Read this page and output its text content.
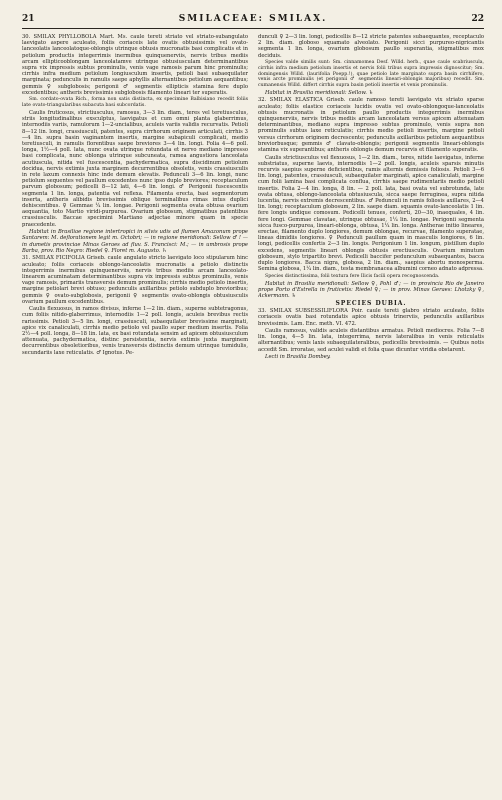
21	SMILACEAE: SMILAX.	22

30. SMILAX PHYLLOBOLA Mart. Ms. caule tereti striato vel striato-subangulato laevigato aspere aculeato, foliis coriaceis late ovatis obtusissimis vel ovato-lanceolatis lanceolatoque-oblongis utrinque obtusis mucronatis basi complicatis et in petiolum productis integerrimis inermibus quinquenerviis, nervis tribus mediis arcam ellipticooblongam lanceolatamve utrinque obtusiusculam determinantibus supra vix impressis subtus prominulis, venis vage ramosis parum hinc prominulis; cirrhis infra medium petiolum longiusculum insertis, petioli basi subaequilater marginata; pedunculis in ramulis saepe aphyllis alternantibus petiolum aequantibus; gemmis ♀ subglobosis; perigonii ♂ segmentis ellipticis stamina fere duplo excedentibus; antheris brevissimis subglobosis filamento lineari ter superatis.

Sm. cordato-ovata Rich., forma non satis distincta, ex specimine Balbisiano recedit foliis late ovato-triangularibus subacuta basi subcordatis.

Caulis fruticosus, strictiusculus, ramosus, 3—3 lin. diam., teres vel teretiusculus, striis longitudinalibus exsculptus, laevigatus et cum omni planta glaberrimus, internodiis variis, ramulorum 1—2-uncialibus, aculeis variis validis recurvatis. Petioli 8—12 lin. longi, crassiusculi, patentes, supra cirrhorum originem articulati, cirrhis 3—4 lin. supra basin vaginantem insertis, margine subapiculi complicati, medio teretiusculi, in ramulis florentibus saepe breviores 3—4 lin. longi. Folia 4—6 poll. longa, 1½—4 poll. lata, nunc ovata utrinque rotundata et nervo mediano impresso basi complicata, nunc oblonga utrinque subcuneata, ramea angustiora lanceolata acutiuscula, nitida vel fuscescentia, pachydermatica, supra discidinum petiolum docidua, nervis extimis juxta marginem decurrentibus obsoletis, venis crassiusculis in rete laxum connexis hinc inde demum elevatis. Pedunculi 3—6 lin. longi, nunc petiolum sequentes vel paullum excedentes nunc ipso duplo breviores; receptaculum parvum globosum; pedicelli 8—12 lati, 4—6 lin. longi. ♂ Perigonii fuscescentis segmenta 1 lin. longa, patentia vel reflexa. Filamenta erecta, basi segmentorum inserta, antheris alibidis brevissimis oblique terminalibus rimas intus duplici dehiscentibus. ♀ Gemmae ¼ lin. longae. Perigonii segmenta ovata obtusa ovarium aequantia, toto Martio viridi-purpurea. Ovarium globosum, stigmatibus patentibus crassiusculis. Baccae specimini Martiano adjectae minore quam in specie praecedente.

Habitat in Brasiliae regione intertropici in silvis udis ad flumen Amazonum prope Santarem: M. deflorationem legit m. Octobri; — in regione meridionali: Sellow ♂ ! — in dumetis provinciae Minas Geraes ad fluv. S. Francisci: M.; — in umbrosis prope Barba, prov. Rio Negro: Riedel ♀. Floret m. Augusto. ♄

31. SMILAX FICIFOLIA Griseb. caule angulato stricto laevigato loco stipularum hinc aculeato; foliis coriaceis oblongo-lanceolatis mucronatis a petiolo distinctis integerrimis inermibus quinquenerviis, nervis tribus mediis arcam lanceolato-linearem acuminatam determinantibus supra vix impressis subtus prominulis, venis vage ramosis, primariis transversis demum prominulis; cirrhis medio petiolo insertis, margine petiolari brevi obtuso; pedunculis axillaribus petiolo subduplo brevioribus; gemmis ♀ ovato-subglobosis, perigonii ♀ segmentis ovato-oblongis obtusiusculis ovarium paullum excedentibus.

Caulis flexuosus, in ramos divisus, inferne 1—2 lin. diam., superne subtetragonus, cum foliis nitido-glaberrimus, internodiis 1—2 poll. longis, aculeis brevibus rectis rarissimis. Petioli 3—5 lin. longi, crassiusculi, subaequilater brevissime marginati, apice vix canaliculati, cirrhis medio petiolo vel paullo super medium insertis. Folia 2½—4 poll. longa, 8—18 lin. lata, ex basi rotundata sensim ad apicem obtusiusculum attenuata, pachydermatica, distinc persistentia, nervis extimis juxta marginem decurrentibus obsoletioribus, venis transversis distinctis demum utrinque tumidulis, secundariis laxe reticulatis. ♂ Ignotus. Pe-

dunculi ♀ 2—3 lin. longi, pedicellis 8—12 stricte patentes subaequantes, receptaculo 2 lin. diam. globoso squamato alveolato. Perigonii sicci purpureo-nigricantis segmenta 1 lin. longa, ovarium globosum paullo superantia, stigmatibus mox deciduis.

Species valde similis sunt: Sm. cinnamomea Desf. Willd. herb., quae caule scabriuscula, cirrhis infra medium petiolum insertis et nervis folii tribus supra impressis dignoscitur; Sm. domingensis Willd. (laurifolia Poepp.!), quae petiolo late marginato supra basin cirrhifero, venis arcte prominulis (et perigonii ♂ segmentis lineari-oblongis majoribus) recedit. Sm. cumanensis Willd. differt cirrhis supra basin petioli insertis et venis prominulis.

Habitat in Brasilia meridionali: Sellow. ♄

32. SMILAX ELASTICA Griseb. caule ramoso tereti laevigato vix striato sparse aculeato; foliis elastice coriaceis lucidis ovatis vel ovato-oblongoque-lanceolatis obtusis mucronatis in petiolum paullo productis integerrimis inermibus quinquenerviis, nervis tribus mediis arcam lanceolatam versus apicem attenuatam determinantibus, mediano supra impresso subtus prominulo, venis supra non prominulis subtus laxe reticulatis; cirrhis medio petioli insertis, margine petioli versus cirrhorum originem decrescente; pedunculis axillaribus petiolum aequantibus breviorbusque; gemmis ♂ clavato-oblongis; perigonii segmentis lineari-oblongis stamina vix superantibus; antheris oblongis demum recurvis et filamento superatis.

Caulis strictiusculus vel flexuosus, 1—2 lin. diam., teres, nitide laevigatus, inferne substriatus, superne laevis, internodiis 1—2 poll. longis, aculeis sparsis minutis recurvis saepius superne deficientibus, ramis alternis demissis foliosis. Petioli 3—6 lin. longi, patentes, crassiusculi, subaequilater marginati, apice canaliculati, margine cum folii lamina basi complicata conflua, cirrhis saepe rudimentariis medio petioli insertis. Folia 2—4 lin. longa, 8 lin. — 2 poll. lata, basi ovata vel subrotunda, late ovata obtusa, oblongo-lanceolata obtusiuscula, sicca saepe ferruginea, supra nitida lucentia, nervis extremis decrescentibus. ♂ Pedunculi in ramis foliosis axillares, 2—4 lin. longi; receptaculum globosum, 2 lin. saepe diam. squamis ovato-lanceolatis 1 lin. fere longis undique comosum. Pedicelli tenues, confertí, 20—30, inaequales, 4 lin. fere longi. Gemmae clavatae, utrinque obtusae, 1¼ lin. longae. Perigonii segmenta sicca fusco-purpurea, lineari-oblonga, obtusa, 1¼ lin. longa. Antherae initio lineares, erectae, filamento duplo longiores, demum oblongae, recurvae, filamento superatae, lineas dimidiis longiores. ♀ Pedunculi paullum quam in masculis longiores, 6 lin. longi, pedicellis confertis 2—3 lin. longis. Perigonium 1 lin. longum, pistillum duplo excedens, segmentis lineari oblongis obtusis erectiusculis. Ovarium minutum globosum, stylo tripartito brevi. Pedicelli baccifer pedunculum subaequantes, bacca duplo longiores. Bacca nigra, globosa, 2 lin. diam., saepius abortu monosperma. Semina globosa, 1¼ lin. diam., testa membranacea albumini corneo adnato adpressa.

Species distinctissima, folii textura fere Ilicis facili opera recognoscenda.

Habitat in Brasilia meridionali: Sellow ♀, Pohl ♂; — in provincia Rio de Janeiro prope Porto d'Estrella in fruticetis: Riedel ♀; — in prov. Minas Geraes: Lhotzky ♀, Ackermann. ♄

SPECIES DUBIA.

33. SMILAX SUBSESSILIFLORA Poir. caule tereti glabro striato aculeato, foliis coriaceis ovatis basi rotundatis apice obtusis trinerviis, pedunculis axillaribus brevissimis. Lam. Enc. meth. VI. 472.

Caulis ramosus, validis aculeis distantibus armatus. Petioli mediocres. Folia 7—8 lin. longa, 4—5 lin. lata, integerrima, nervis lateralibus in venis reticulatis alternantibus; venis laxis subaequilateralibus, pedicellis brevissimis. — Quibus notis accedit Sm. irroratae, sed aculei validi et folia quae dicuntur viridia obstarent.

Lecti in Brasilia Dombey.
